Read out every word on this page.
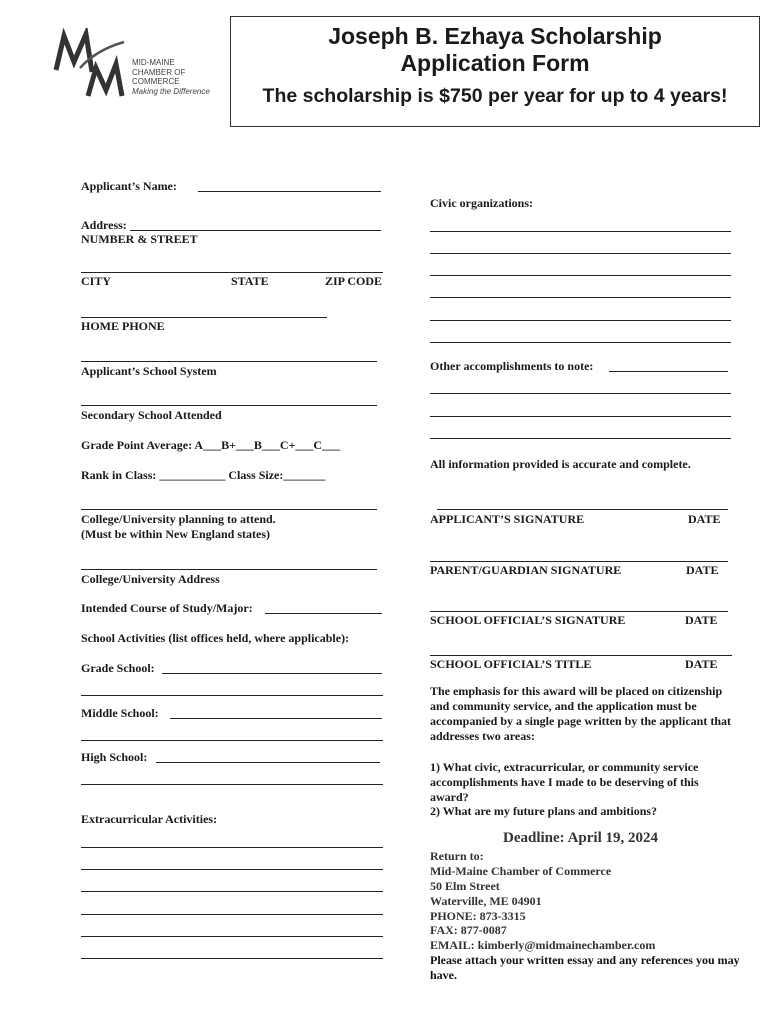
MID-MAINE
CHAMBER OF
COMMERCE
Making the Difference
Joseph B. Ezhaya Scholarship
Application Form
The scholarship is $750 per year for up to 4 years!
Applicant’s Name:
Address:
NUMBER & STREET
CITY	STATE	ZIP CODE
HOME PHONE
Applicant’s School System
Secondary School Attended
Grade Point Average: A___B+___B___C+___C___
Rank in Class: ___________ Class Size:_______
College/University planning to attend.
(Must be within New England states)
College/University Address
Intended Course of Study/Major:
School Activities (list offices held, where applicable):
Grade School:
Middle School:
High School:
Extracurricular Activities:
Civic organizations:
Other accomplishments to note:
All information provided is accurate and complete.
APPLICANT’S SIGNATURE	DATE
PARENT/GUARDIAN SIGNATURE	DATE
SCHOOL OFFICIAL’S SIGNATURE	DATE
SCHOOL OFFICIAL’S TITLE	DATE
The emphasis for this award will be placed on citizenship and community service, and the application must be accompanied by a single page written by the applicant that addresses two areas:
1) What civic, extracurricular, or community service accomplishments have I made to be deserving of this award?
2) What are my future plans and ambitions?
Deadline: April 19, 2024
Return to:
Mid-Maine Chamber of Commerce
50 Elm Street
Waterville, ME 04901
PHONE: 873-3315
FAX: 877-0087
EMAIL: kimberly@midmainechamber.com
Please attach your written essay and any references you may have.
